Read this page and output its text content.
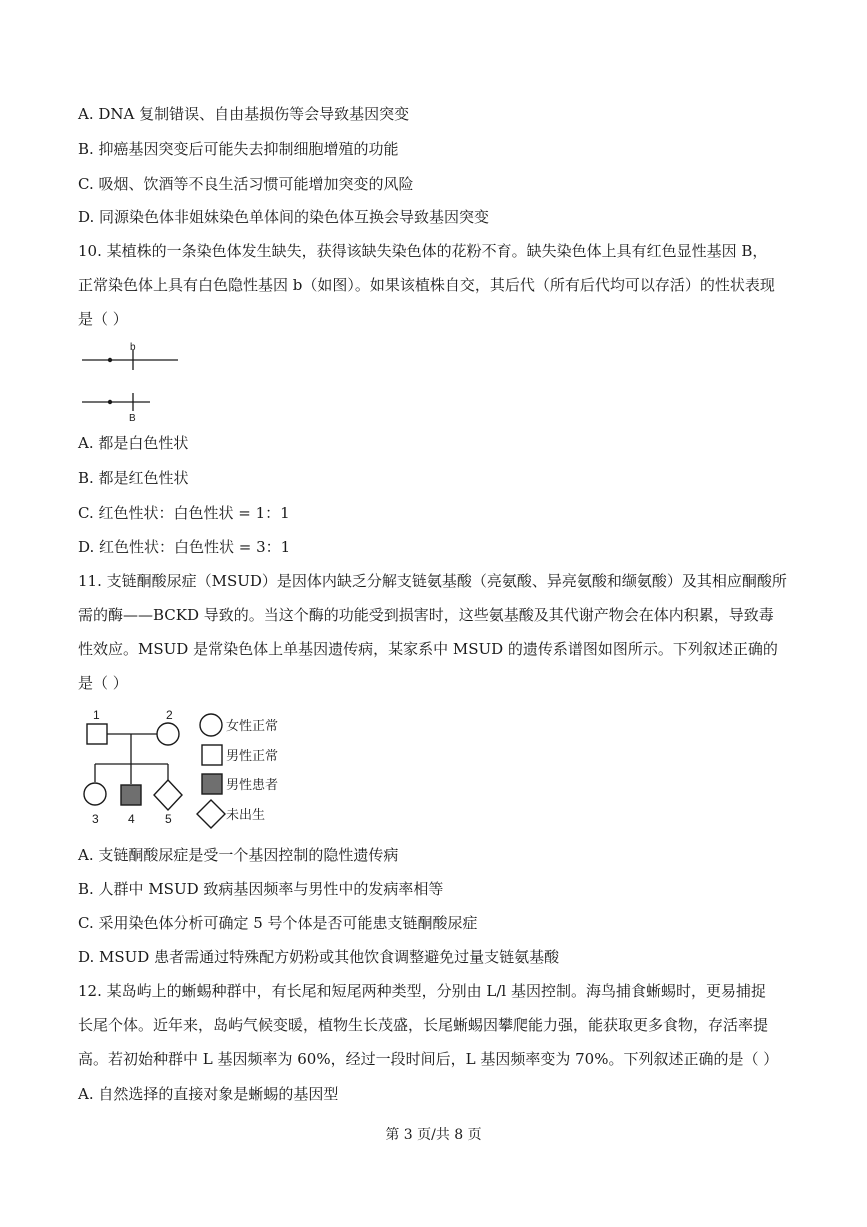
A. DNA 复制错误、自由基损伤等会导致基因突变
B. 抑癌基因突变后可能失去抑制细胞增殖的功能
C. 吸烟、饮酒等不良生活习惯可能增加突变的风险
D. 同源染色体非姐妹染色单体间的染色体互换会导致基因突变
10. 某植株的一条染色体发生缺失，获得该缺失染色体的花粉不育。缺失染色体上具有红色显性基因 B，
正常染色体上具有白色隐性基因 b（如图）。如果该植株自交，其后代（所有后代均可以存活）的性状表现
是（ ）
b
B
A. 都是白色性状
B. 都是红色性状
C. 红色性状：白色性状 = 1：1
D. 红色性状：白色性状 = 3：1
11. 支链酮酸尿症（MSUD）是因体内缺乏分解支链氨基酸（亮氨酸、异亮氨酸和缬氨酸）及其相应酮酸所
需的酶——BCKD 导致的。当这个酶的功能受到损害时，这些氨基酸及其代谢产物会在体内积累，导致毒
性效应。MSUD 是常染色体上单基因遗传病，某家系中 MSUD 的遗传系谱图如图所示。下列叙述正确的
是（ ）
1	2
3 4	5
女性正常
男性正常
男性患者
未出生
A. 支链酮酸尿症是受一个基因控制的隐性遗传病
B. 人群中 MSUD 致病基因频率与男性中的发病率相等
C. 采用染色体分析可确定 5 号个体是否可能患支链酮酸尿症
D. MSUD 患者需通过特殊配方奶粉或其他饮食调整避免过量支链氨基酸
12. 某岛屿上的蜥蜴种群中，有长尾和短尾两种类型，分别由 L/l 基因控制。海鸟捕食蜥蜴时，更易捕捉
长尾个体。近年来，岛屿气候变暖，植物生长茂盛，长尾蜥蜴因攀爬能力强，能获取更多食物，存活率提
高。若初始种群中 L 基因频率为 60%，经过一段时间后，L 基因频率变为 70%。下列叙述正确的是（ ）
A. 自然选择的直接对象是蜥蜴的基因型
第 3 页/共 8 页
